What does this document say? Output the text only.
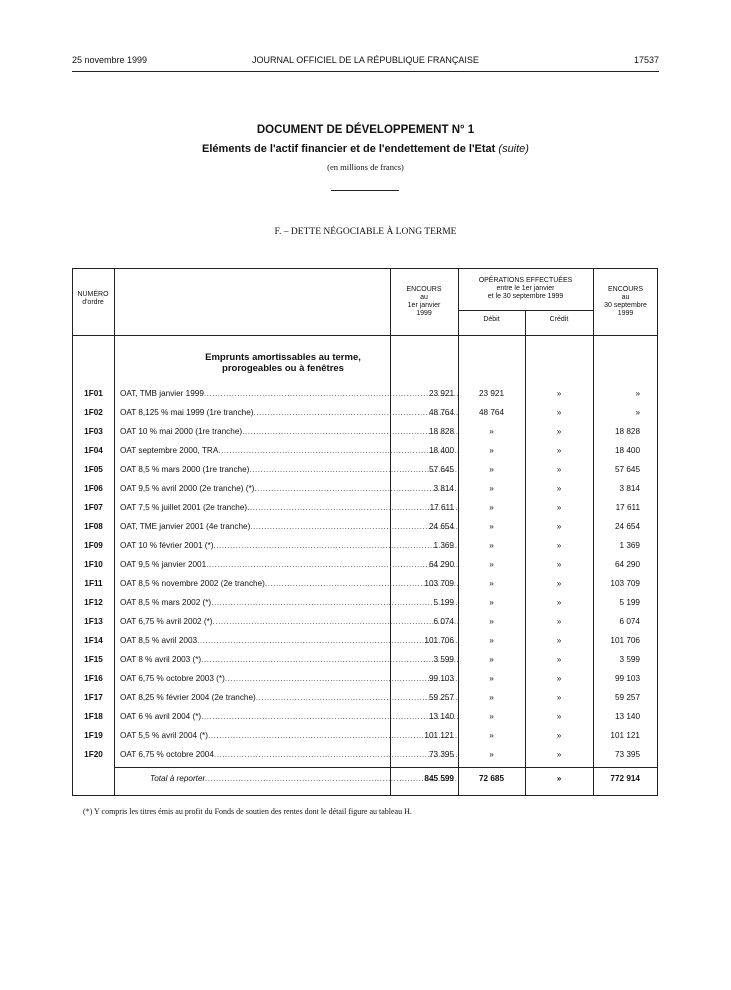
25 novembre 1999	JOURNAL OFFICIEL DE LA RÉPUBLIQUE FRANÇAISE	17537
DOCUMENT DE DÉVELOPPEMENT N° 1
Eléments de l'actif financier et de l'endettement de l'Etat (suite)
(en millions de francs)
F. – DETTE NÉGOCIABLE À LONG TERME
NUMÉRO
d'ordre
ENCOURS
au
1er janvier
1999
OPÉRATIONS EFFECTUÉES
entre le 1er janvier
et le 30 septembre 1999
Débit	Crédit
ENCOURS
au
30 septembre
1999
Emprunts amortissables au terme,
prorogeables ou à fenêtres
1F01	OAT, TMB janvier 1999 .....	23 921	23 921	»	»
1F02	OAT 8,125 % mai 1999 (1re tranche) .....	48 764	48 764	»	»
1F03	OAT 10 % mai 2000 (1re tranche) .....	18 828	»	»	18 828
1F04	OAT septembre 2000, TRA .....	18 400	»	»	18 400
1F05	OAT 8,5 % mars 2000 (1re tranche) .....	57 645	»	»	57 645
1F06	OAT 9,5 % avril 2000 (2e tranche) (*) .....	3 814	»	»	3 814
1F07	OAT 7,5 % juillet 2001 (2e tranche) .....	17 611	»	»	17 611
1F08	OAT, TME janvier 2001 (4e tranche) .....	24 654	»	»	24 654
1F09	OAT 10 % février 2001 (*) .....	1 369	»	»	1 369
1F10	OAT 9,5 % janvier 2001 .....	64 290	»	»	64 290
1F11	OAT 8,5 % novembre 2002 (2e tranche) .....	103 709	»	»	103 709
1F12	OAT 8,5 % mars 2002 (*) .....	5 199	»	»	5 199
1F13	OAT 6,75 % avril 2002 (*) .....	6 074	»	»	6 074
1F14	OAT 8,5 % avril 2003 .....	101 706	»	»	101 706
1F15	OAT 8 % avril 2003 (*) .....	3 599	»	»	3 599
1F16	OAT 6,75 % octobre 2003 (*) .....	99 103	»	»	99 103
1F17	OAT 8,25 % février 2004 (2e tranche) .....	59 257	»	»	59 257
1F18	OAT 6 % avril 2004 (*) .....	13 140	»	»	13 140
1F19	OAT 5,5 % avril 2004 (*) .....	101 121	»	»	101 121
1F20	OAT 6,75 % octobre 2004 .....	73 395	»	»	73 395
Total à reporter .....	845 599	72 685	»	772 914
(*) Y compris les titres émis au profit du Fonds de soutien des rentes dont le détail figure au tableau H.
